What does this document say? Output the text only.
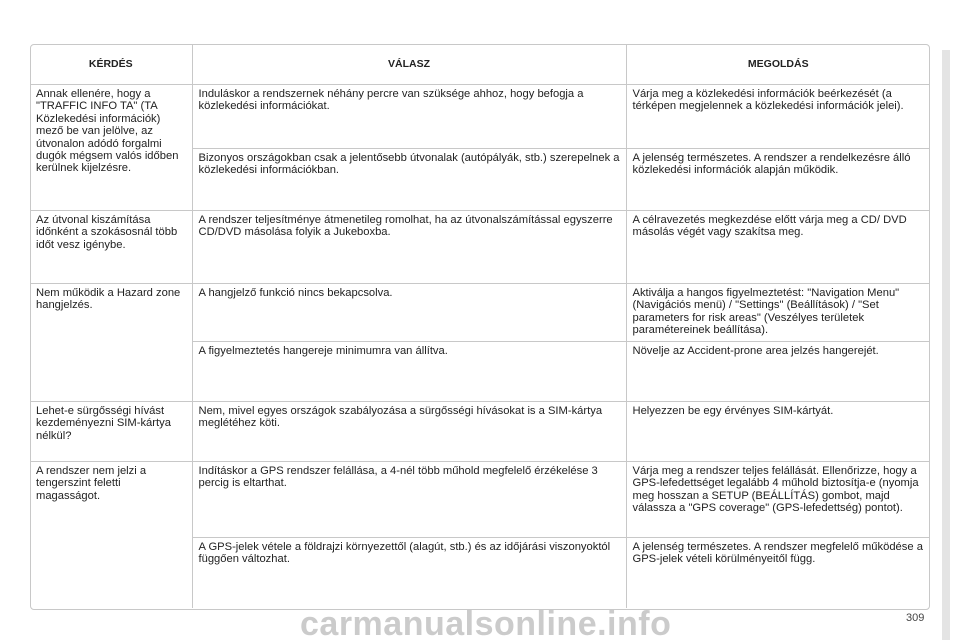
KÉRDÉS	VÁLASZ	MEGOLDÁS
Annak ellenére, hogy a "TRAFFIC INFO TA" (TA Közlekedési információk) mező be van jelölve, az útvonalon adódó forgalmi dugók mégsem valós időben kerülnek kijelzésre.	Induláskor a rendszernek néhány percre van szüksége ahhoz, hogy befogja a közlekedési információkat.	Várja meg a közlekedési információk beérkezését (a térképen megjelennek a közlekedési információk jelei).
	Bizonyos országokban csak a jelentősebb útvonalak (autópályák, stb.) szerepelnek a közlekedési információkban.	A jelenség természetes. A rendszer a rendelkezésre álló közlekedési információk alapján működik.
Az útvonal kiszámítása időnként a szokásosnál több időt vesz igénybe.	A rendszer teljesítménye átmenetileg romolhat, ha az útvonalszámítással egyszerre CD/DVD másolása folyik a Jukeboxba.	A célravezetés megkezdése előtt várja meg a CD/ DVD másolás végét vagy szakítsa meg.
Nem működik a Hazard zone hangjelzés.	A hangjelző funkció nincs bekapcsolva.	Aktiválja a hangos figyelmeztetést: "Navigation Menu" (Navigációs menü) / "Settings" (Beállítások) / "Set parameters for risk areas" (Veszélyes területek paramétereinek beállítása).
	A figyelmeztetés hangereje minimumra van állítva.	Növelje az Accident-prone area jelzés hangerejét.
Lehet-e sürgősségi hívást kezdeményezni SIM-kártya nélkül?	Nem, mivel egyes országok szabályozása a sürgősségi hívásokat is a SIM-kártya meglétéhez köti.	Helyezzen be egy érvényes SIM-kártyát.
A rendszer nem jelzi a tengerszint feletti magasságot.	Indításkor a GPS rendszer felállása, a 4-nél több műhold megfelelő érzékelése 3 percig is eltarthat.	Várja meg a rendszer teljes felállását. Ellenőrizze, hogy a GPS-lefedettséget legalább 4 műhold biztosítja-e (nyomja meg hosszan a SETUP (BEÁLLÍTÁS) gombot, majd válassza a "GPS coverage" (GPS-lefedettség) pontot).
	A GPS-jelek vétele a földrajzi környezettől (alagút, stb.) és az időjárási viszonyoktól függően változhat.	A jelenség természetes. A rendszer megfelelő működése a GPS-jelek vételi körülményeitől függ.
309
carmanualsonline.info
